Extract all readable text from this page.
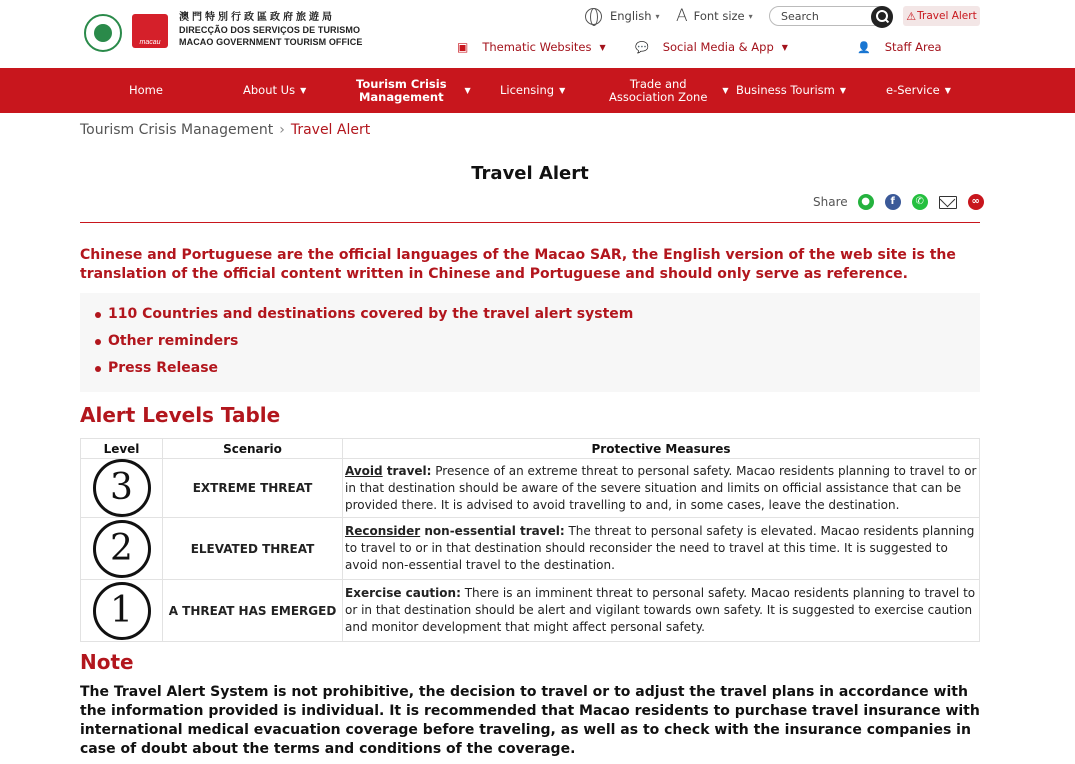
macau
澳門特別行政區政府旅遊局
DIRECÇÃO DOS SERVIÇOS DE TURISMO
MACAO GOVERNMENT TOURISM OFFICE
English ▾ A Font size ▾
Search	⚠ Travel Alert
▣ Thematic Websites ▼	💬 Social Media & App ▼	👤 Staff Area
Home	About Us ▼	Tourism Crisis
Management	▼	Licensing ▼	Trade and
Association Zone ▼ Business Tourism ▼	e-Service ▼
Tourism Crisis Management › Travel Alert
Travel Alert
Share	●	f	✆	∞
Chinese and Portuguese are the official languages of the Macao SAR, the English version of the web site is the translation of the official content written in Chinese and Portuguese and should only serve as reference.
110 Countries and destinations covered by the travel alert system
Other reminders
Press Release
Alert Levels Table
Level	Scenario	Protective Measures

3	EXTREME THREAT	Avoid travel: Presence of an extreme threat to personal safety. Macao residents planning to travel to or in that destination should be aware of the severe situation and limits on official assistance that can be provided there. It is advised to avoid travelling to and, in some cases, leave the destination.

2	ELEVATED THREAT	Reconsider non-essential travel: The threat to personal safety is elevated. Macao residents planning to travel to or in that destination should reconsider the need to travel at this time. It is suggested to avoid non-essential travel to the destination.

1	A THREAT HAS EMERGED	Exercise caution: There is an imminent threat to personal safety. Macao residents planning to travel to or in that destination should be alert and vigilant towards own safety. It is suggested to exercise caution and monitor development that might affect personal safety.
Note
The Travel Alert System is not prohibitive, the decision to travel or to adjust the travel plans in accordance with the information provided is individual. It is recommended that Macao residents to purchase travel insurance with international medical evacuation coverage before traveling, as well as to check with the insurance companies in case of doubt about the terms and conditions of the coverage.
